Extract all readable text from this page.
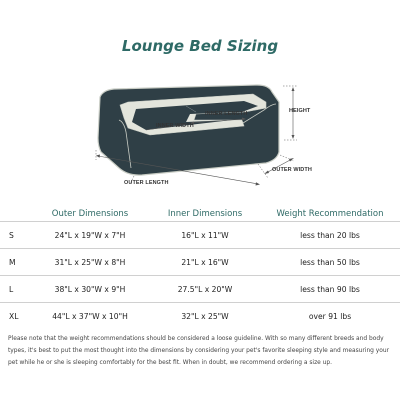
Lounge Bed Sizing
INNER LENGTH
INNER WIDTH
HEIGHT
OUTER WIDTH
OUTER LENGTH
	Outer Dimensions	Inner Dimensions	Weight Recommendation
S	24"L x 19"W x 7"H	16"L x 11"W	less than 20 lbs
M	31"L x 25"W x 8"H	21"L x 16"W	less than 50 lbs
L	38"L x 30"W x 9"H	27.5"L x 20"W	less than 90 lbs
XL	44"L x 37"W x 10"H	32"L x 25"W	over 91 lbs
Please note that the weight recommendations should be considered a loose guideline. With so many different breeds and body
types, it's best to put the most thought into the dimensions by considering your pet's favorite sleeping style and measuring your
pet while he or she is sleeping comfortably for the best fit. When in doubt, we recommend ordering a size up.
